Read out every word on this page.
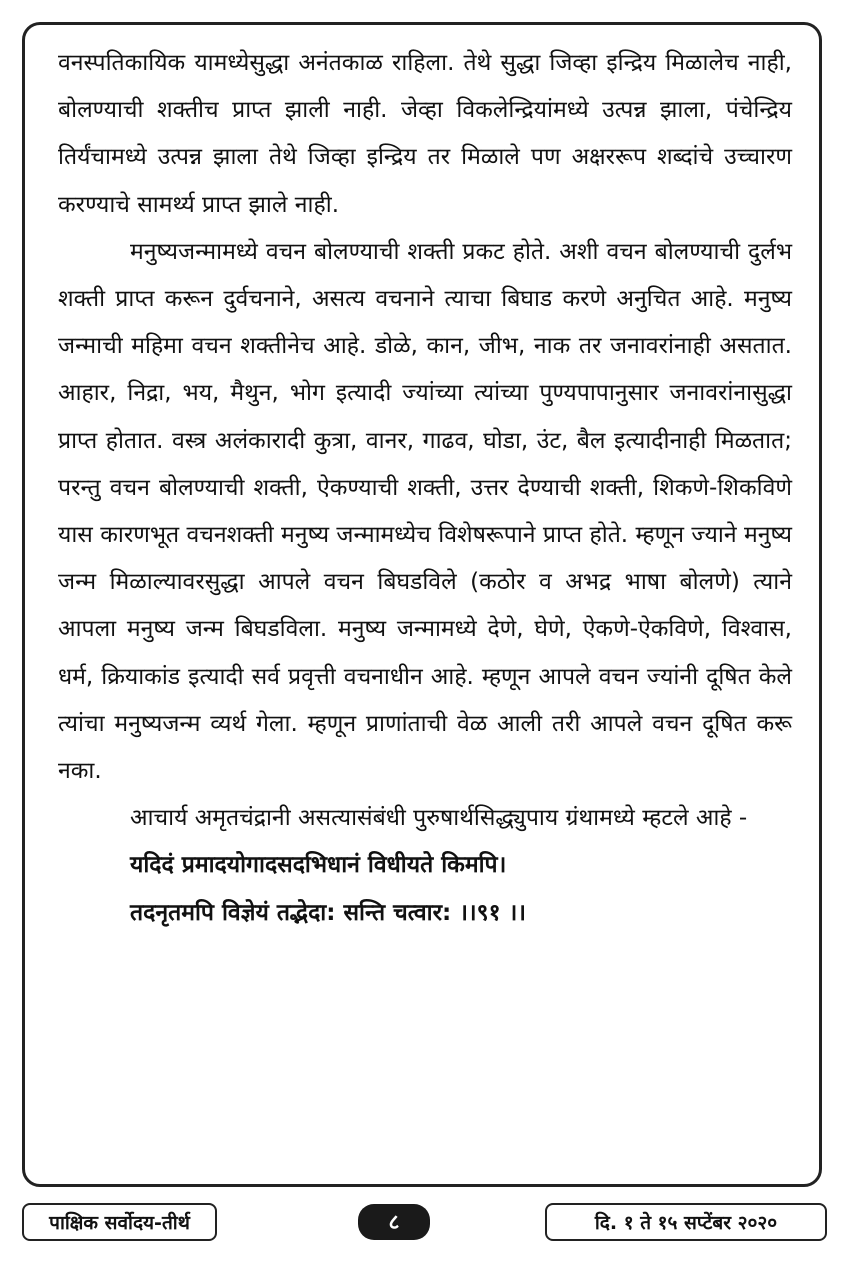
वनस्पतिकायिक यामध्येसुद्धा अनंतकाळ राहिला. तेथे सुद्धा जिव्हा इन्द्रिय मिळालेच नाही, बोलण्याची शक्तीच प्राप्त झाली नाही. जेव्हा विकलेन्द्रियांमध्ये उत्पन्न झाला, पंचेन्द्रिय तिर्यंचामध्ये उत्पन्न झाला तेथे जिव्हा इन्द्रिय तर मिळाले पण अक्षररूप शब्दांचे उच्चारण करण्याचे सामर्थ्य प्राप्त झाले नाही.

मनुष्यजन्मामध्ये वचन बोलण्याची शक्ती प्रकट होते. अशी वचन बोलण्याची दुर्लभ शक्ती प्राप्त करून दुर्वचनाने, असत्य वचनाने त्याचा बिघाड करणे अनुचित आहे. मनुष्य जन्माची महिमा वचन शक्तीनेच आहे. डोळे, कान, जीभ, नाक तर जनावरांनाही असतात. आहार, निद्रा, भय, मैथुन, भोग इत्यादी ज्यांच्या त्यांच्या पुण्यपापानुसार जनावरांनासुद्धा प्राप्त होतात. वस्त्र अलंकारादी कुत्रा, वानर, गाढव, घोडा, उंट, बैल इत्यादीनाही मिळतात; परन्तु वचन बोलण्याची शक्ती, ऐकण्याची शक्ती, उत्तर देण्याची शक्ती, शिकणे-शिकविणे यास कारणभूत वचनशक्ती मनुष्य जन्मामध्येच विशेषरूपाने प्राप्त होते. म्हणून ज्याने मनुष्य जन्म मिळाल्यावरसुद्धा आपले वचन बिघडविले (कठोर व अभद्र भाषा बोलणे) त्याने आपला मनुष्य जन्म बिघडविला. मनुष्य जन्मामध्ये देणे, घेणे, ऐकणे-ऐकविणे, विश्वास, धर्म, क्रियाकांड इत्यादी सर्व प्रवृत्ती वचनाधीन आहे. म्हणून आपले वचन ज्यांनी दूषित केले त्यांचा मनुष्यजन्म व्यर्थ गेला. म्हणून प्राणांताची वेळ आली तरी आपले वचन दूषित करू नका.

आचार्य अमृतचंद्रानी असत्यासंबंधी पुरुषार्थसिद्ध्युपाय ग्रंथामध्ये म्हटले आहे -

यदिदं प्रमादयोगादसदभिधानं विधीयते किमपि।

तदनृतमपि विज्ञेयं तद्भेदा: सन्ति चत्वार: ।।९१ ।।

पाक्षिक सर्वोदय-तीर्थ	८	दि. १ ते १५ सप्टेंबर २०२०
